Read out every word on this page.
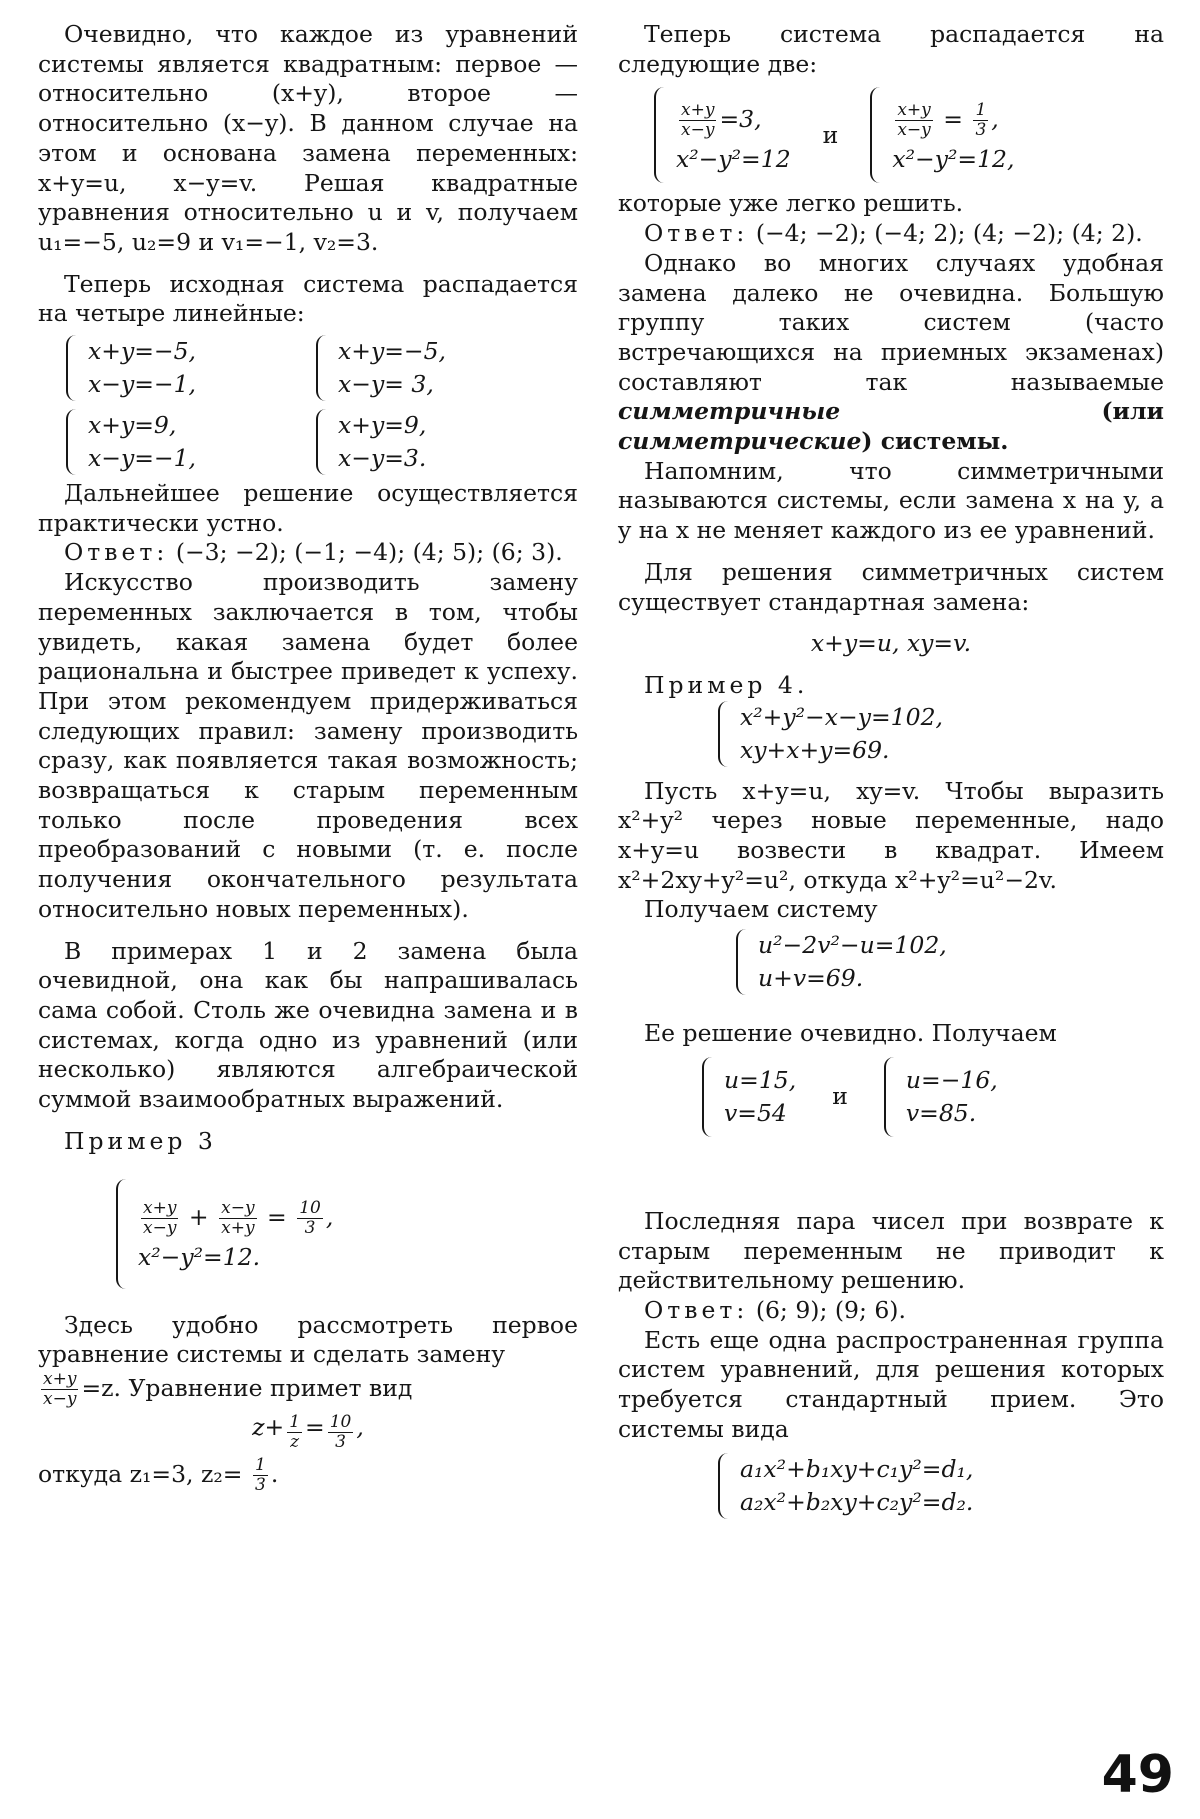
Очевидно, что каждое из уравнений системы является квадратным: первое — относительно (x+y), второе — относительно (x−y). В данном случае на этом и основана замена переменных: x+y=u, x−y=v. Решая квадратные уравнения относительно u и v, получаем u₁=−5, u₂=9 и v₁=−1, v₂=3.

Теперь исходная система распадается на четыре линейные:

x+y=−5,
x−y=−1,
x+y=−5,
x−y= 3,
x+y=9,
x−y=−1,
x+y=9,
x−y=3.

Дальнейшее решение осуществляется практически устно.

Ответ: (−3; −2); (−1; −4); (4; 5); (6; 3).

Искусство производить замену переменных заключается в том, чтобы увидеть, какая замена будет более рациональна и быстрее приведет к успеху. При этом рекомендуем придерживаться следующих правил: замену производить сразу, как появляется такая возможность; возвращаться к старым переменным только после проведения всех преобразований с новыми (т. е. после получения окончательного результата относительно новых переменных).

В примерах 1 и 2 замена была очевидной, она как бы напрашивалась сама собой. Столь же очевидна замена и в системах, когда одно из уравнений (или несколько) являются алгебраической суммой взаимообратных выражений.

Пример 3

$\frac{x+y}{x-y} + \frac{x-y}{x+y} = \frac{10}{3}$ ,
x²−y²=12.

Здесь удобно рассмотреть первое уравнение системы и сделать замену

$\frac{x+y}{x-y} =z$. Уравнение примет вид

$z+ \frac{1}{z} = \frac{10}{3}$ ,

откуда z₁=3, $z_2= \frac{1}{3}$ .

Теперь система распадается на следующие две:

$\frac{x+y}{x-y} =3$,
x²−y²=12
и	$\frac{x+y}{x-y} = \frac{1}{3}$ ,
x²−y²=12,

которые уже легко решить.

Ответ: (−4; −2); (−4; 2); (4; −2); (4; 2).

Однако во многих случаях удобная замена далеко не очевидна. Большую группу таких систем (часто встречающихся на приемных экзаменах) составляют так называемые симметричные	(или симметрические) системы.

Напомним, что симметричными называются системы, если замена x на y, а y на x не меняет каждого из ее уравнений.

Для решения симметричных систем существует стандартная замена:

x+y=u, xy=v.

Пример 4.

x²+y²−x−y=102,
xy+x+y=69.

Пусть x+y=u, xy=v. Чтобы выразить x²+y² через новые переменные, надо x+y=u возвести в квадрат. Имеем x²+2xy+y²=u², откуда x²+y²=u²−2v.

Получаем систему

u²−2v²−u=102,
u+v=69.

Ее решение очевидно. Получаем

u=15,
v=54
и
u=−16,
v=85.

Последняя пара чисел при возврате к старым переменным не приводит к действительному решению.

Ответ: (6; 9); (9; 6).

Есть еще одна распространенная группа систем уравнений, для решения которых требуется стандартный прием. Это системы вида

a₁x²+b₁xy+c₁y²=d₁,
a₂x²+b₂xy+c₂y²=d₂.
49
